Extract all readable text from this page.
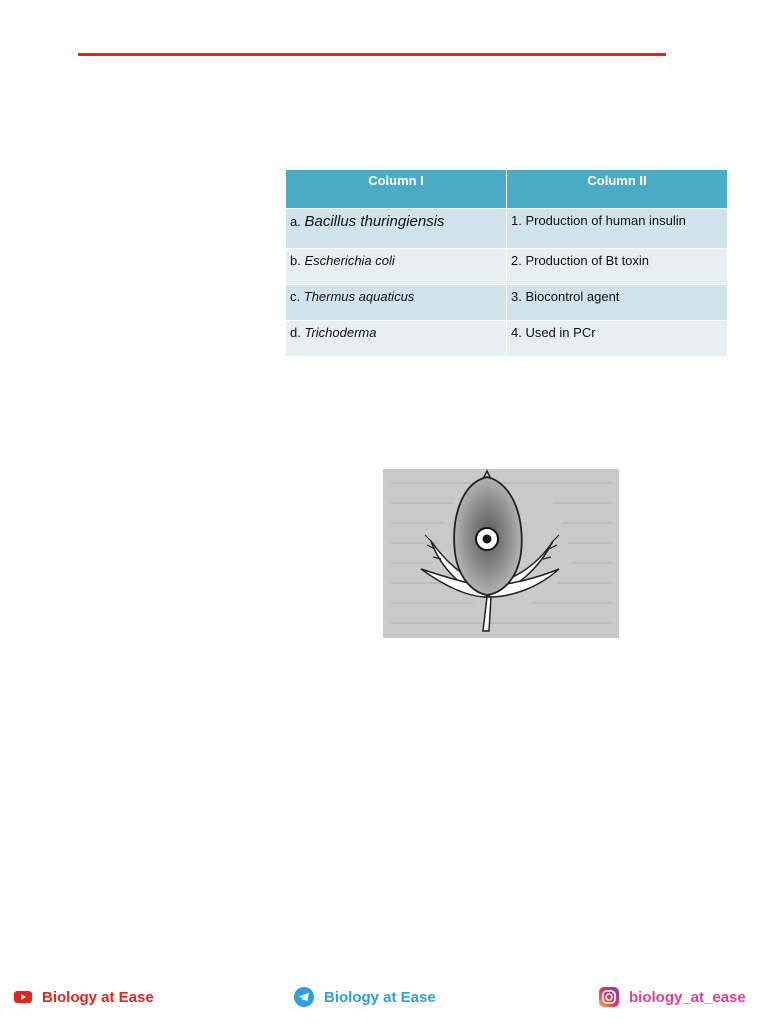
Column I	Column II
a. Bacillus thuringiensis	1. Production of human insulin
b. Escherichia coli	2. Production of Bt toxin
c. Thermus aquaticus	3. Biocontrol agent
d. Trichoderma	4. Used in PCr
Biology at Ease	Biology at Ease	biology_at_ease
